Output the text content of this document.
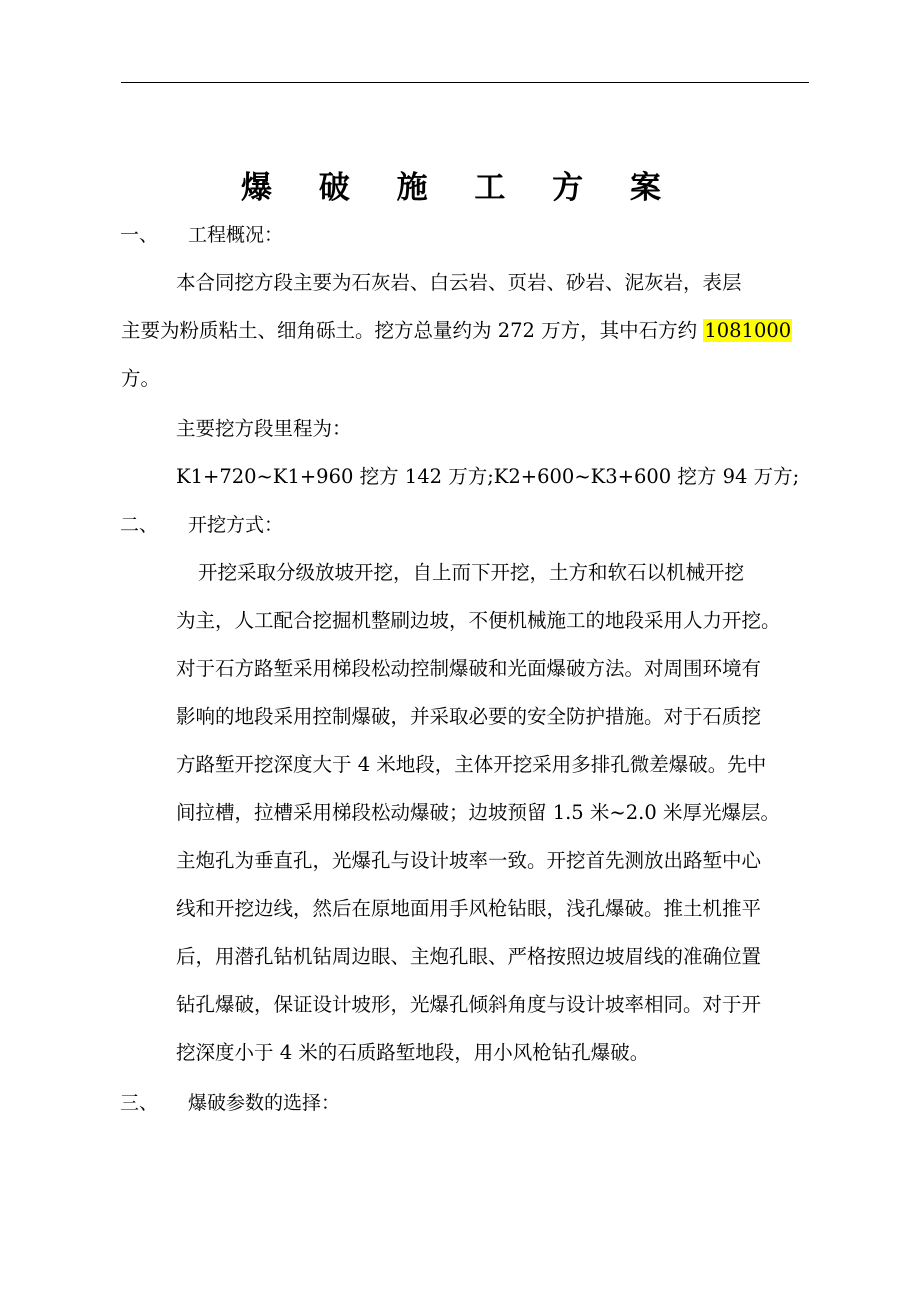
爆 破 施 工 方 案
一、 工程概况：
本合同挖方段主要为石灰岩、白云岩、页岩、砂岩、泥灰岩，表层
主要为粉质粘土、细角砾土。挖方总量约为 272 万方，其中石方约 1081000
方。
主要挖方段里程为：
K1+720~K1+960 挖方 142 万方;K2+600~K3+600 挖方 94 万方;
二、 开挖方式：
开挖采取分级放坡开挖，自上而下开挖，土方和软石以机械开挖
为主，人工配合挖掘机整刷边坡，不便机械施工的地段采用人力开挖。
对于石方路堑采用梯段松动控制爆破和光面爆破方法。对周围环境有
影响的地段采用控制爆破，并采取必要的安全防护措施。对于石质挖
方路堑开挖深度大于 4 米地段，主体开挖采用多排孔微差爆破。先中
间拉槽，拉槽采用梯段松动爆破；边坡预留 1.5 米~2.0 米厚光爆层。
主炮孔为垂直孔，光爆孔与设计坡率一致。开挖首先测放出路堑中心
线和开挖边线，然后在原地面用手风枪钻眼，浅孔爆破。推土机推平
后，用潜孔钻机钻周边眼、主炮孔眼、严格按照边坡眉线的准确位置
钻孔爆破，保证设计坡形，光爆孔倾斜角度与设计坡率相同。对于开
挖深度小于 4 米的石质路堑地段，用小风枪钻孔爆破。
三、 爆破参数的选择：
